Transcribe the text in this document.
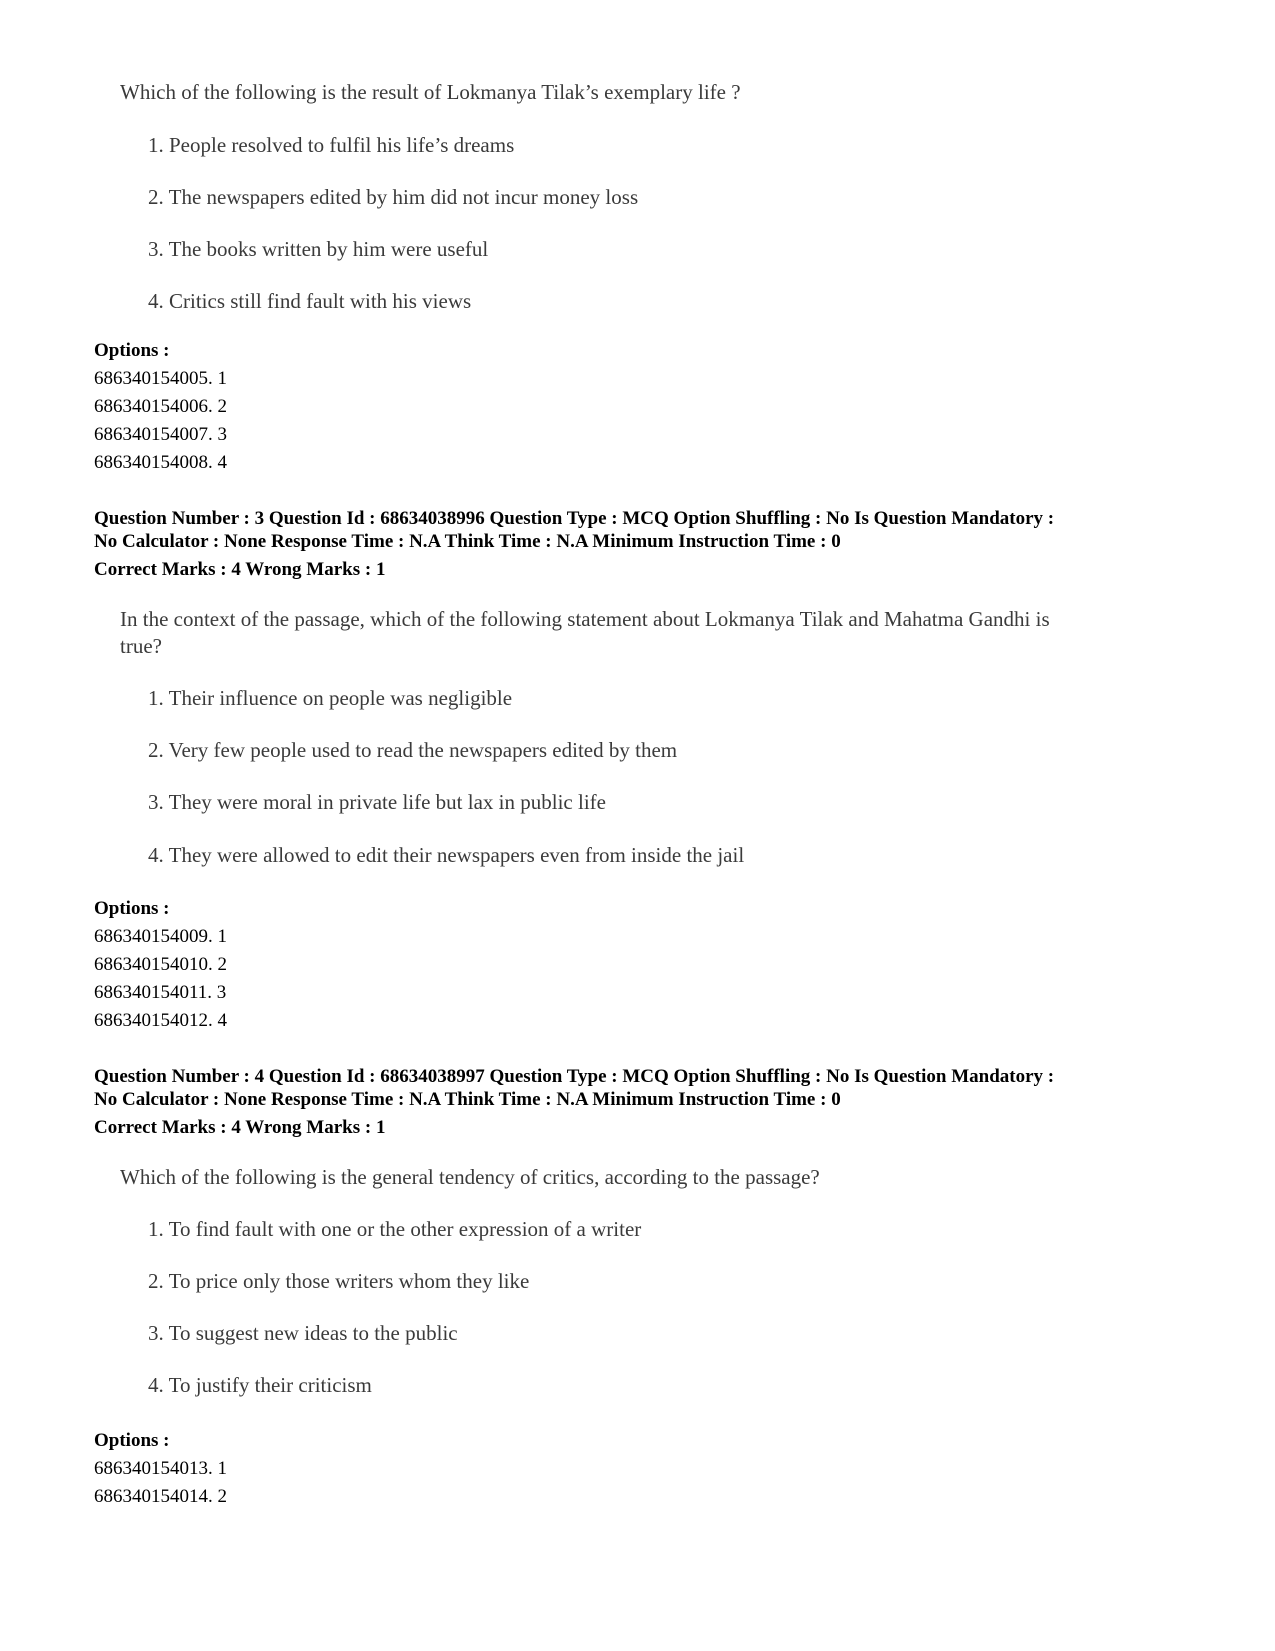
Which of the following is the result of Lokmanya Tilak’s exemplary life ?
1. People resolved to fulfil his life’s dreams
2. The newspapers edited by him did not incur money loss
3. The books written by him were useful
4. Critics still find fault with his views
Options :
686340154005. 1
686340154006. 2
686340154007. 3
686340154008. 4
Question Number : 3 Question Id : 68634038996 Question Type : MCQ Option Shuffling : No Is Question Mandatory :
No Calculator : None Response Time : N.A Think Time : N.A Minimum Instruction Time : 0
Correct Marks : 4 Wrong Marks : 1
In the context of the passage, which of the following statement about Lokmanya Tilak and Mahatma Gandhi is
true?
1. Their influence on people was negligible
2. Very few people used to read the newspapers edited by them
3. They were moral in private life but lax in public life
4. They were allowed to edit their newspapers even from inside the jail
Options :
686340154009. 1
686340154010. 2
686340154011. 3
686340154012. 4
Question Number : 4 Question Id : 68634038997 Question Type : MCQ Option Shuffling : No Is Question Mandatory :
No Calculator : None Response Time : N.A Think Time : N.A Minimum Instruction Time : 0
Correct Marks : 4 Wrong Marks : 1
Which of the following is the general tendency of critics, according to the passage?
1. To find fault with one or the other expression of a writer
2. To price only those writers whom they like
3. To suggest new ideas to the public
4. To justify their criticism
Options :
686340154013. 1
686340154014. 2
